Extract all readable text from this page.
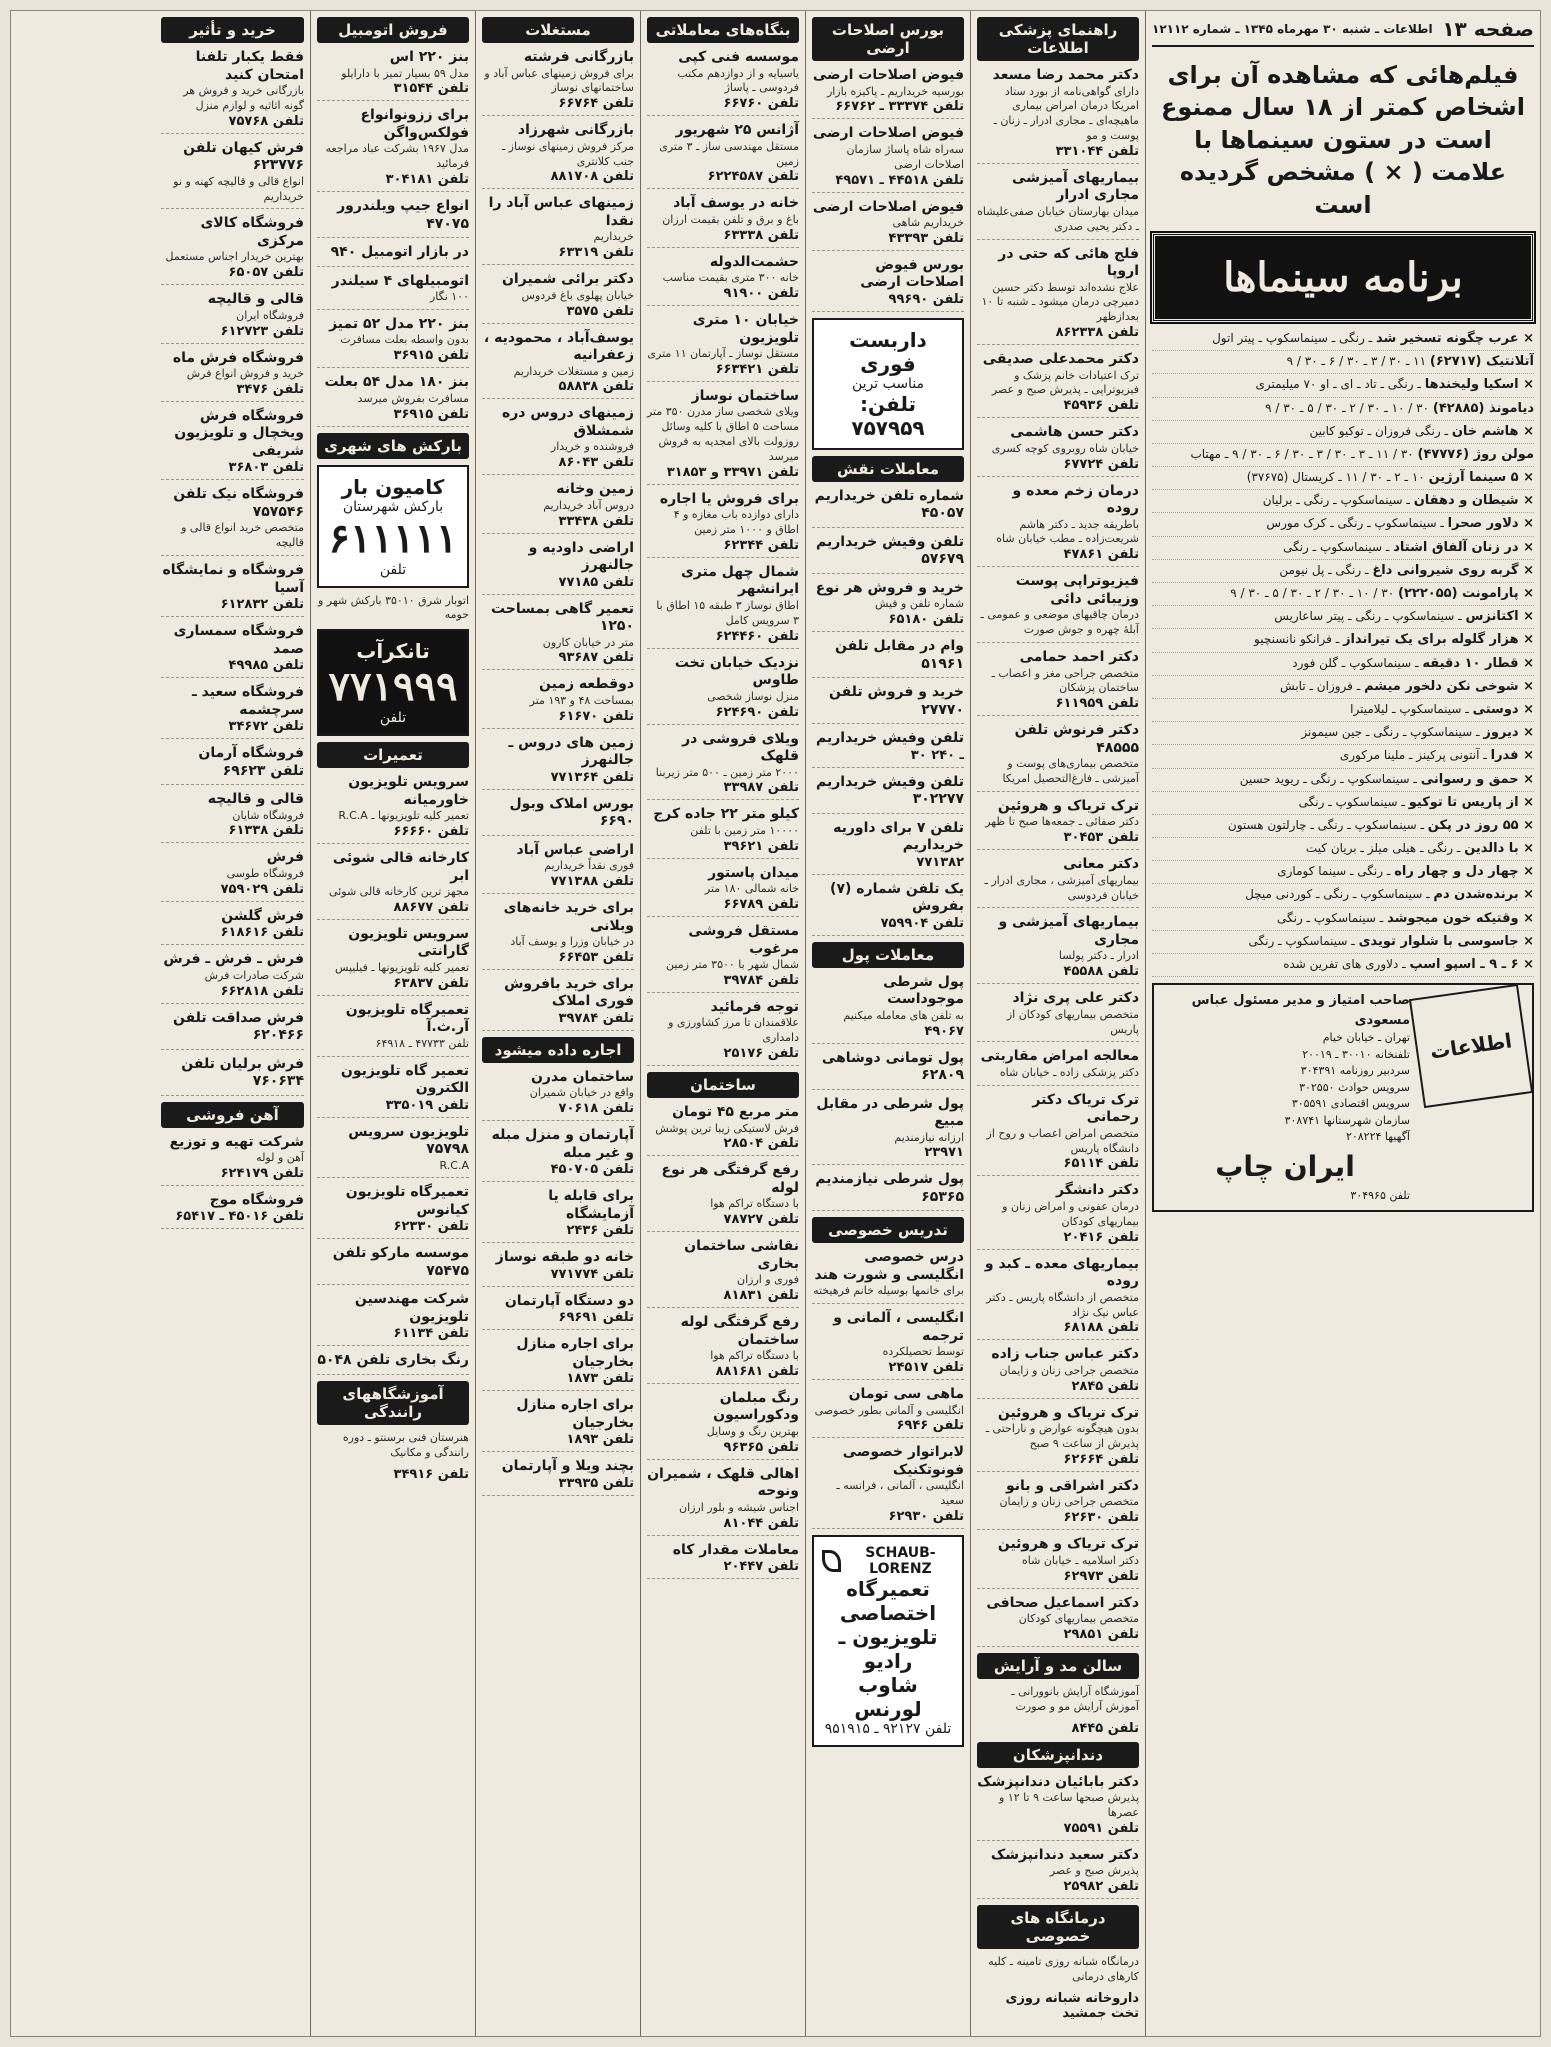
صفحه ۱۳
اطلاعات ـ شنبه ۳۰ مهرماه ۱۳۴۵ ـ شماره ۱۲۱۱۲
فیلم‌هائی که مشاهده آن برای اشخاص کمتر از ۱۸ سال ممنوع است در ستون سینماها با علامت ( × ) مشخص گردیده است
برنامه سینماها
× عرب چگونه تسخیر شد ـ رنگی ـ سینماسکوپ ـ پیتر اتول
آتلانتیک (۶۲۷۱۷) ۱۱ ـ ۳۰ / ۳ ـ ۳۰ / ۶ ـ ۳۰ / ۹
× اسکیا ولیخندها ـ رنگی ـ تاد ـ ای ـ او ۷۰ میلیمتری
دیامونذ (۴۲۸۸۵) ۳۰ / ۱۰ ـ ۳۰ / ۲ ـ ۳۰ / ۵ ـ ۳۰ / ۹
× هاشم خان ـ رنگی فروزان ـ توکیو کابین
مولن روژ (۴۷۷۷۶) ۳۰ / ۱۱ ـ ۳ ـ ۳۰ / ۳ ـ ۳۰ / ۶ ـ ۳۰ / ۹ ـ مهتاب
× ۵ سینما آرژین ۱۰ ـ ۲ ـ ۳۰ / ۱۱ ـ کریستال (۳۷۶۷۵)
× شیطان و دهقان ـ سینماسکوپ ـ رنگی ـ برلیان
× دلاور صحرا ـ سینماسکوپ ـ رنگی ـ کرک مورس
× در زنان آلفاق اشتاد ـ سینماسکوپ ـ رنگی
× گربه روی شیروانی داغ ـ رنگی ـ پل نیومن
× پارامونت (۲۲۲۰۵۵) ۳۰ / ۱۰ ـ ۳۰ / ۲ ـ ۳۰ / ۵ ـ ۳۰ / ۹
× اکتانزس ـ سینماسکوپ ـ رنگی ـ پیتر ساعاریس
× هزار گلوله برای یک تیرانداز ـ فرانکو نانسنچیو
× قطار ۱۰ دقیقه ـ سینماسکوپ ـ گلن فورد
× شوخی نکن دلخور میشم ـ فروزان ـ تابش
× دوستی ـ سینماسکوپ ـ لیلامیترا
× دیروز ـ سینماسکوپ ـ رنگی ـ جین سیمونز
× فدرا ـ آنتونی پرکینز ـ ملینا مرکوری
× حمق و رسوانی ـ سینماسکوپ ـ رنگی ـ ریوید حسین
× از پاریس تا توکیو ـ سینماسکوپ ـ رنگی
× ۵۵ روز در پکن ـ سینماسکوپ ـ رنگی ـ چارلتون هستون
× با دالدین ـ رنگی ـ هیلی میلز ـ بریان کیت
× چهار دل و چهار راه ـ رنگی ـ سینما کوماری
× برنده‌شدن دم ـ سینماسکوپ ـ رنگی ـ کوردنی میچل
× وقتیکه خون میجوشد ـ سینماسکوپ ـ رنگی
× جاسوسی با شلوار تویدی ـ سینماسکوپ ـ رنگی
× ۶ ـ ۹ ـ اسپو اسپ ـ دلاوری های تفرین شده
اطلاعات
صاحب امتیاز و مدیر مسئول عباس مسعودی
تهران ـ خیابان خیام
تلفنخانه ۳۰۰۱۰ ـ ۲۰۰۱۹
سردبیر روزنامه ۳۰۴۳۹۱
سرویس حوادث ۳۰۲۵۵۰
سرویس اقتصادی ۳۰۵۵۹۱
سازمان شهرستانها ۳۰۸۷۴۱
آگهیها ۲۰۸۲۲۴
ایران چاپ
تلفن ۳۰۴۹۶۵
راهنمای پزشکی اطلاعات
دکتر محمد رضا مسعد
دارای گواهی‌نامه از بورد ستاد امریکا درمان امراض بیماری ماهیچه‌ای ـ مجاری ادرار ـ زنان ـ پوست و مو
تلفن ۳۳۱۰۴۴
بیماریهای آمیزشی مجاری ادرار
میدان بهارستان خیابان صفی‌علیشاه ـ دکتر یحیی صدری
فلج هائی که حتی در اروپا
علاج نشده‌اند توسط دکتر حسین دمیرچی درمان میشود ـ شنبه تا ۱۰ بعدازظهر
تلفن ۸۶۲۳۳۸
دکتر محمدعلی صدیقی
ترک اعتیادات خانم پزشک و فیزیوتراپی ـ پذیرش صبح و عصر
تلفن ۴۵۹۳۶
دکتر حسن هاشمی
خیابان شاه روبروی کوچه کسری
تلفن ۶۷۷۲۴
درمان زخم معده و روده
باطریقه جدید ـ دکتر هاشم شریعت‌زاده ـ مطب خیابان شاه
تلفن ۴۷۸۶۱
فیزیوتراپی پوست وزیبائی دائی
درمان چاقیهای موضعی و عمومی ـ آبلهٔ چهره و جوش صورت
دکتر احمد حمامی
متخصص جراحی مغز و اعصاب ـ ساختمان پزشکان
تلفن ۶۱۱۹۵۹
دکتر فرنوش تلفن ۴۸۵۵۵
متخصص بیماری‌های پوست و آمیزشی ـ فارغ‌التحصیل امریکا
ترک تریاک و هروئین
دکتر صفائی ـ جمعه‌ها صبح تا ظهر
تلفن ۳۰۴۵۳
دکتر معانی
بیماریهای آمیزشی ، مجاری ادرار ـ خیابان فردوسی
بیماریهای آمیزشی و مجاری
ادرار ـ دکتر پولسا
تلفن ۴۵۵۸۸
دکتر علی پری نژاد
متخصص بیماریهای کودکان از پاریس
معالجه امراض مقاربتی
دکتر پزشکی زاده ـ خیابان شاه
ترک تریاک دکتر رحمانی
متخصص امراض اعصاب و روح از دانشگاه پاریس
تلفن ۶۵۱۱۴
دکتر دانشگر
درمان عفونی و امراض زنان و بیماریهای کودکان
تلفن ۲۰۴۱۶
بیماریهای معده ـ کبد و روده
متخصص از دانشگاه پاریس ـ دکتر عباس نیک نژاد
تلفن ۶۸۱۸۸
دکتر عباس جناب زاده
متخصص جراحی زنان و زایمان
تلفن ۲۸۴۵
ترک تریاک و هروئین
بدون هیچگونه عوارض و ناراحتی ـ پذیرش از ساعت ۹ صبح
تلفن ۶۲۶۶۴
دکتر اشراقی و بانو
متخصص جراحی زنان و زایمان
تلفن ۶۲۶۳۰
ترک تریاک و هروئین
دکتر اسلامیه ـ خیابان شاه
تلفن ۶۲۹۷۳
دکتر اسماعیل صحافی
متخصص بیماریهای کودکان
تلفن ۲۹۸۵۱
سالن مد و آرایش
آموزشگاه آرایش بانوورانی ـ آموزش آرایش مو و صورت
تلفن ۸۴۴۵
دندانپزشکان
دکتر بابائیان دندانپزشک
پذیرش صبحها ساعت ۹ تا ۱۲ و عصرها
تلفن ۷۵۵۹۱
دکتر سعید دندانپزشک
پذیرش صبح و عصر
تلفن ۲۵۹۸۲
درمانگاه های خصوصی
درمانگاه شبانه روزی تامینه ـ کلیه کارهای درمانی
داروخانه شبانه روزی تخت جمشید
بورس اصلاحات ارضی
فیوض اصلاحات ارضی
بورسیه خریداریم ـ پاکیزه بازار
تلفن ۳۳۳۷۴ ـ ۶۶۷۶۲
فیوض اصلاحات ارضی
سه‌راه شاه پاساژ سازمان اصلاحات ارضی
تلفن ۴۴۵۱۸ ـ ۴۹۵۷۱
فیوض اصلاحات ارضی
خریداریم شاهی
تلفن ۴۳۳۹۳
بورس فیوض اصلاحات ارضی
تلفن ۹۹۶۹۰
داربست فوری
مناسب ترین
تلفن: ۷۵۷۹۵۹
معاملات نقش
شماره تلفن خریداریم ۴۵۰۵۷
تلفن وفیش خریداریم ۵۷۶۷۹
خرید و فروش هر نوع
شماره تلفن و فیش
تلفن ۶۵۱۸۰
وام در مقابل تلفن ۵۱۹۶۱
خرید و فروش تلفن ۲۷۷۷۰
تلفن وفیش خریداریم
۳۰ ـ ۲۴۰
تلفن وفیش خریداریم ۳۰۲۲۷۷
تلفن ۷ برای داوریه خریداریم
۷۷۱۳۸۲
یک تلفن شماره (۷) بفروش
تلفن ۷۵۹۹۰۴
معاملات پول
پول شرطی موجوداست
به تلفن های معامله میکنیم
۴۹۰۶۷
پول تومانی دوشاهی ۶۲۸۰۹
پول شرطی در مقابل مبیع
ارزانه نیازمندیم
۲۳۹۷۱
پول شرطی نیازمندیم ۶۵۳۶۵
تدریس خصوصی
درس خصوصی انگلیسی و شورت هند
برای خانمها بوسیله خانم فرهیخته
انگلیسی ، آلمانی و ترجمه
توسط تحصیلکرده
تلفن ۲۴۵۱۷
ماهی سی تومان
انگلیسی و آلمانی بطور خصوصی
تلفن ۶۹۴۶
لابراتوار خصوصی فونوتکنیک
انگلیسی ، آلمانی ، فرانسه ـ سعید
تلفن ۶۲۹۳۰
SCHAUB-LORENZ
تعمیرگاه اختصاصی
تلویزیون ـ رادیو
شاوب لورنس
تلفن ۹۲۱۲۷ ـ ۹۵۱۹۱۵
بنگاه‌های معاملاتی
موسسه فنی کپی
یاسیایه و از دوازدهم مکتب فردوسی ـ پاساژ
تلفن ۶۶۷۶۰
آژانس ۲۵ شهریور
مستقل مهندسی ساز ـ ۳ متری زمین
تلفن ۶۲۲۴۵۸۷
خانه در یوسف آباد
باغ و برق و تلفن بقیمت ارزان
تلفن ۶۳۳۳۸
حشمت‌الدوله
خانه ۳۰۰ متری بقیمت مناسب
تلفن ۹۱۹۰۰
خیابان ۱۰ متری تلویزیون
مستقل نوساز ـ آپارتمان ۱۱ متری
تلفن ۶۶۳۴۲۱
ساختمان نوساز
ویلای شخصی ساز مدرن ۳۵۰ متر مساحت ۵ اطاق با کلیه وسائل روزولت بالای امجدیه به فروش میرسد
تلفن ۳۳۹۷۱ و ۳۱۸۵۳
برای فروش یا اجاره
دارای دوازده باب مغازه و ۴ اطاق و ۱۰۰۰ متر زمین
تلفن ۶۲۳۴۴
شمال چهل متری ایرانشهر
اطاق نوساز ۳ طبقه ۱۵ اطاق با ۳ سرویس کامل
تلفن ۶۲۴۴۶۰
نزدیک خیابان تخت طاوس
منزل نوساز شخصی
تلفن ۶۲۴۶۹۰
ویلای فروشی در قلهک
۲۰۰۰ متر زمین ـ ۵۰۰ متر زیربنا
تلفن ۳۳۹۸۷
کیلو متر ۲۲ جاده کرج
۱۰۰۰۰ متر زمین با تلفن
تلفن ۳۹۶۲۱
میدان پاستور
خانه شمالی ۱۸۰ متر
تلفن ۶۶۷۸۹
مستقل فروشی مرغوب
شمال شهر با ۳۵۰۰ متر زمین
تلفن ۳۹۷۸۴
توجه فرمائید
علاقمندان تا مرز کشاورزی و دامداری
تلفن ۲۵۱۷۶
ساختمان
متر مربع ۴۵ تومان
فرش لاستیکی زیبا ترین پوشش
تلفن ۲۸۵۰۴
رفع گرفتگی هر نوع لوله
با دستگاه تراکم هوا
تلفن ۷۸۷۲۷
نقاشی ساختمان بخاری
فوری و ارزان
تلفن ۸۱۸۳۱
رفع گرفتگی لوله ساختمان
با دستگاه تراکم هوا
تلفن ۸۸۱۶۸۱
رنگ مبلمان ودکوراسیون
بهترین رنگ و وسایل
تلفن ۹۶۳۶۵
اهالی قلهک ، شمیران ونوحه
اجناس شیشه و بلور ارزان
تلفن ۸۱۰۴۴
معاملات مقدار کاه
تلفن ۲۰۴۴۷
مستغلات
بازرگانی فرشته
برای فروش زمینهای عباس آباد و ساختمانهای نوساز
تلفن ۶۶۷۶۴
بازرگانی شهرزاد
مرکز فروش زمینهای نوساز ـ جنب کلانتری
تلفن ۸۸۱۷۰۸
زمینهای عباس آباد را نقدا
خریداریم
تلفن ۶۳۳۱۹
دکتر برائی شمیران
خیابان پهلوی باغ فردوس
تلفن ۳۵۷۵
یوسف‌آباد ، محمودیه ، زعفرانیه
زمین و مستغلات خریداریم
تلفن ۵۸۸۳۸
زمینهای دروس دره شمشلاق
فروشنده و خریدار
تلفن ۸۶۰۴۳
زمین وخانه
دروس آباد خریداریم
تلفن ۳۳۴۳۸
اراضی داودیه و جالنهرز
تلفن ۷۷۱۸۵
تعمیر گاهی بمساحت ۱۲۵۰
متر در خیابان کارون
تلفن ۹۳۶۸۷
دوقطعه زمین
بمساحت ۴۸ و ۱۹۳ متر
تلفن ۶۱۶۷۰
زمین های دروس ـ جالنهرز
تلفن ۷۷۱۳۶۴
بورس املاک وبول ۶۶۹۰
اراضی عباس آباد
فوری نقداً خریداریم
تلفن ۷۷۱۳۸۸
برای خرید خانه‌های وبلانی
در خیابان وزرا و یوسف آباد
تلفن ۶۶۴۵۳
برای خرید بافروش فوری املاک
تلفن ۳۹۷۸۴
اجاره داده میشود
ساختمان مدرن
واقع در خیابان شمیران
تلفن ۷۰۶۱۸
آپارتمان و منزل مبله و غیر مبله
تلفن ۴۵۰۷۰۵
برای قابله یا آزمایشگاه
تلفن ۲۴۳۶
خانه دو طبقه نوساز
تلفن ۷۷۱۷۷۴
دو دستگاه آپارتمان
تلفن ۶۹۶۹۱
برای اجاره منازل بخارجیان
تلفن ۱۸۷۳
برای اجاره منازل بخارجیان
تلفن ۱۸۹۳
بچند ویلا و آپارتمان
تلفن ۳۳۹۳۵
فروش اتومبیل
بنز ۲۲۰ اس
مدل ۵۹ بسیار تمیز با دارایلو
تلفن ۳۱۵۴۴
برای ززونوانواع فولکس‌واگن
مدل ۱۹۶۷ بشرکت عباد مراجعه فرمائید
تلفن ۳۰۴۱۸۱
انواع جیپ ویلندرور ۴۷۰۷۵
در بازار اتومبیل ۹۴۰
اتومبیلهای ۴ سیلندر
۱۰۰ نگار
بنز ۲۲۰ مدل ۵۲ تمیز
بدون واسطه بعلت مسافرت
تلفن ۳۶۹۱۵
بنز ۱۸۰ مدل ۵۴ بعلت
مسافرت بفروش میرسد
تلفن ۳۶۹۱۵
بارکش های شهری
کامیون بار
بارکش شهرستان
۶۱۱۱۱۱
تلفن
اتوبار شرق ۳۵۰۱۰ بارکش شهر و حومه
تانکرآب
۷۷۱۹۹۹
تلفن
تعمیرات
سرویس تلویزیون خاورمیانه
تعمیر کلیه تلویزیونها ـ R.C.A
تلفن ۶۶۶۶۰
کارخانه قالی شوئی ابر
مجهز ترین کارخانه قالی شوئی
تلفن ۸۸۶۷۷
سرویس تلویزیون گارانتی
تعمیر کلیه تلویزیونها ـ فیلیپس
تلفن ۶۳۸۳۷
تعمیرگاه تلویزیون آر.ث.آ
تلفن ۴۷۷۳۳ ـ ۶۴۹۱۸
تعمیر گاه تلویزیون الکترون
تلفن ۳۳۵۰۱۹
تلویزیون سرویس ۷۵۷۹۸
R.C.A
تعمیرگاه تلویزیون کیانوس
تلفن ۶۲۳۳۰
موسسه مارکو تلفن ۷۵۴۷۵
شرکت مهندسین تلویزیون
تلفن ۶۱۱۳۴
رنگ بخاری تلفن ۵۰۴۸
آموزشگاههای رانندگی
هنرستان فنی برسنتو ـ دوره رانندگی و مکانیک
تلفن ۳۴۹۱۶
خرید و تأثیر
فقط یکبار تلفنا امتحان کنید
بازرگانی خرید و فروش هر گونه اثاثیه و لوازم منزل
تلفن ۷۵۷۶۸
فرش کیهان تلفن ۶۲۳۷۷۶
انواع قالی و قالیچه کهنه و نو خریداریم
فروشگاه کالای مرکزی
بهترین خریدار اجناس مستعمل
تلفن ۶۵۰۵۷
قالی و قالیچه
فروشگاه ایران
تلفن ۶۱۲۷۲۳
فروشگاه فرش ماه
خرید و فروش انواع فرش
تلفن ۳۴۷۶
فروشگاه فرش ویخچال و تلویزیون شریفی
تلفن ۳۶۸۰۳
فروشگاه نیک تلفن ۷۵۷۵۴۶
متخصص خرید انواع قالی و قالیچه
فروشگاه و نمایشگاه آسیا
تلفن ۶۱۲۸۳۲
فروشگاه سمساری صمد
تلفن ۴۹۹۸۵
فروشگاه سعید ـ سرچشمه
تلفن ۳۴۶۷۲
فروشگاه آرمان تلفن ۶۹۶۲۳
قالی و قالیچه
فروشگاه شایان
تلفن ۶۱۳۳۸
فرش
فروشگاه طوسی
تلفن ۷۵۹۰۲۹
فرش گلشن
تلفن ۶۱۸۶۱۶
فرش ـ فرش ـ فرش
شرکت صادرات فرش
تلفن ۶۶۲۸۱۸
فرش صداقت تلفن ۶۲۰۴۶۶
فرش برلیان تلفن ۷۶۰۶۳۴
آهن فروشی
شرکت تهیه و توزیع
آهن و لوله
تلفن ۶۲۴۱۷۹
فروشگاه موج
تلفن ۴۵۰۱۶ ـ ۶۵۴۱۷
